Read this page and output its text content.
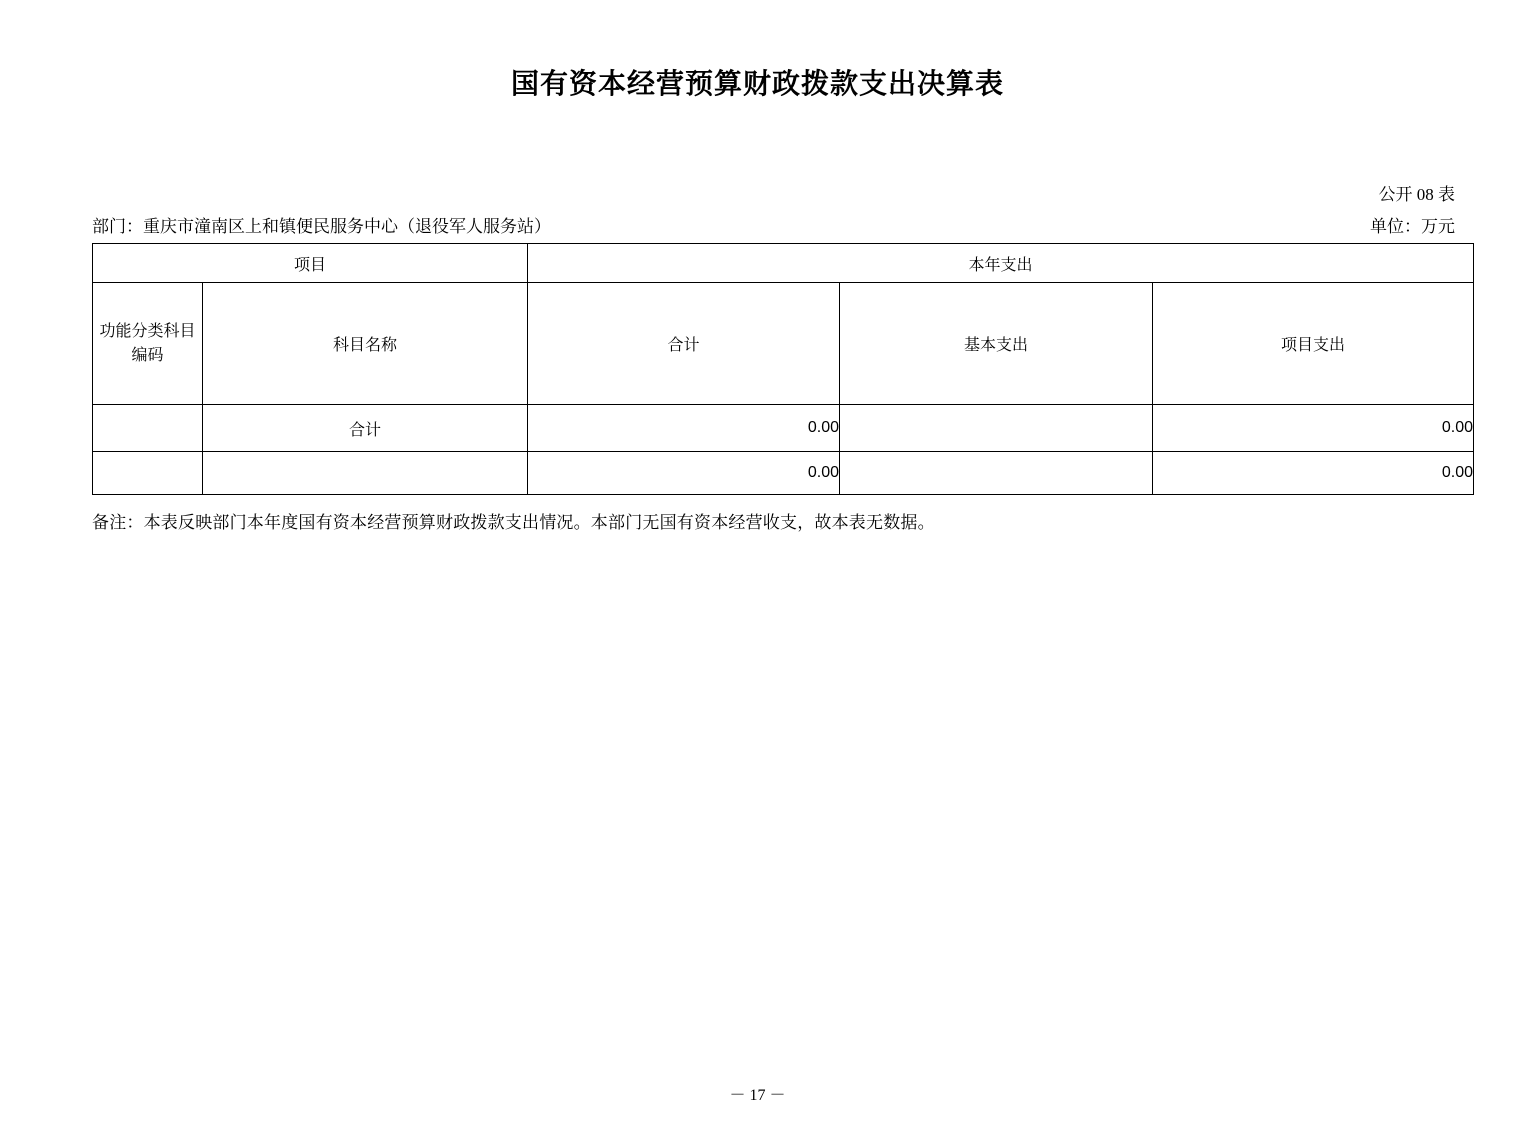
国有资本经营预算财政拨款支出决算表
公开 08 表
单位：万元
部门：重庆市潼南区上和镇便民服务中心（退役军人服务站）
项目		本年支出		
功能分类科目编码	科目名称	合计	基本支出	项目支出
	合计	0.00		0.00
		0.00		0.00
备注：本表反映部门本年度国有资本经营预算财政拨款支出情况。本部门无国有资本经营收支，故本表无数据。
－ 17 －
